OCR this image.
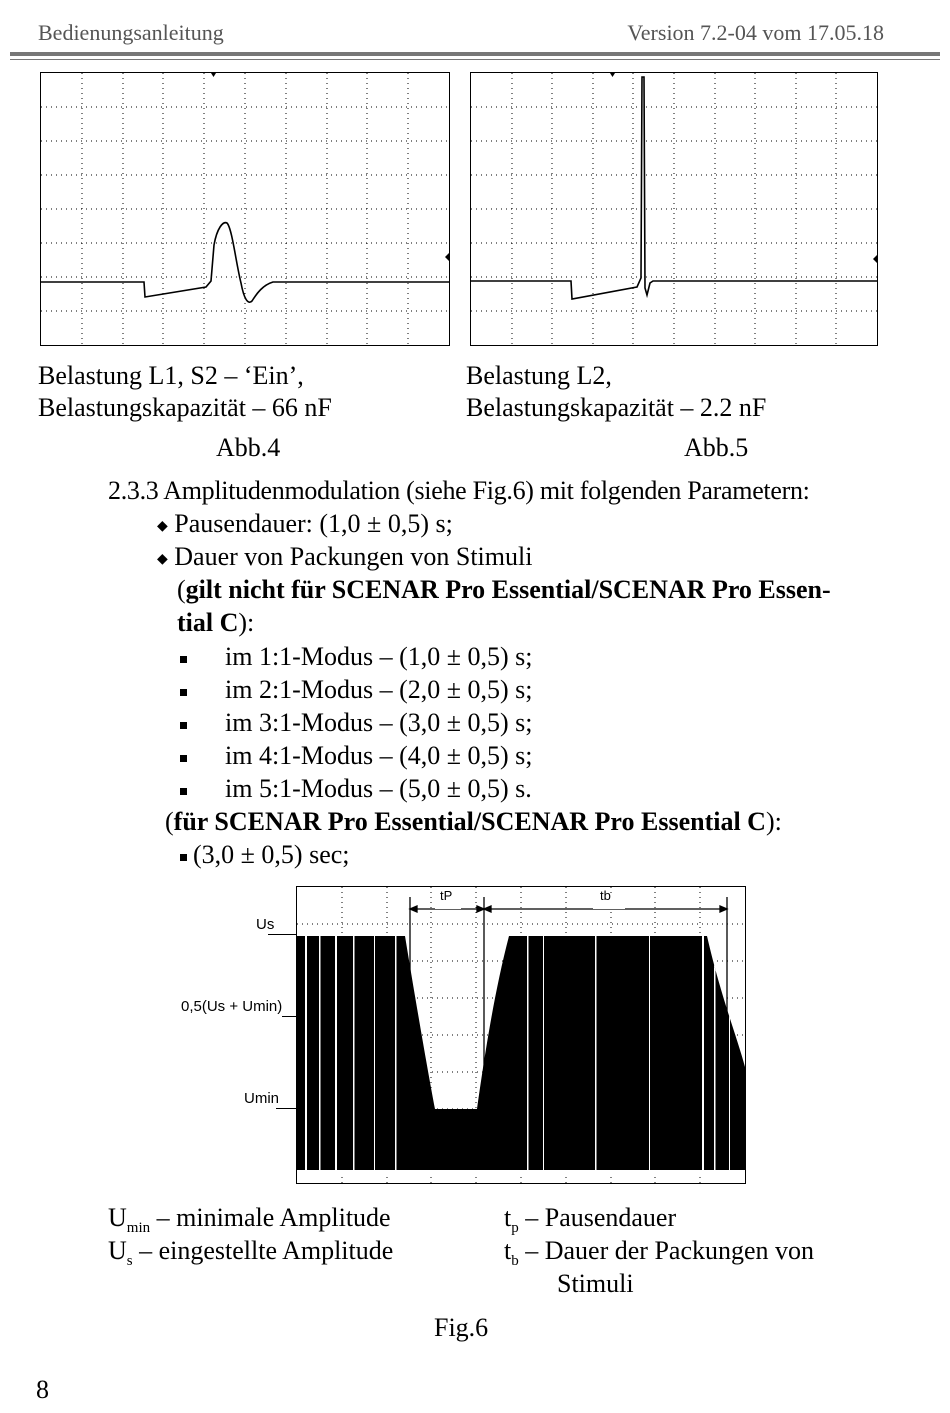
Bedienungsanleitung	Version 7.2-04 vom 17.05.18
Belastung L1, S2 – ‘Ein’,
Belastungskapazität – 66 nF
Abb.4
Belastung L2,
Belastungskapazität – 2.2 nF
Abb.5
2.3.3 Amplitudenmodulation (siehe Fig.6) mit folgenden Parametern:
◆ Pausendauer: (1,0 ± 0,5) s;
◆ Dauer von Packungen von Stimuli
(gilt nicht für SCENAR Pro Essential/SCENAR Pro Essen-
tial C):
im 1:1-Modus – (1,0 ± 0,5) s;
im 2:1-Modus – (2,0 ± 0,5) s;
im 3:1-Modus – (3,0 ± 0,5) s;
im 4:1-Modus – (4,0 ± 0,5) s;
im 5:1-Modus – (5,0 ± 0,5) s.
(für SCENAR Pro Essential/SCENAR Pro Essential C):
(3,0 ± 0,5) sec;
Us
0,5(Us + Umin)
Umin
tP	tb
$U_{min}$ – minimale Amplitude
$U_s$ – eingestellte Amplitude
$t_p$ – Pausendauer
$t_b$ – Dauer der Packungen von
Stimuli
Fig.6
8
